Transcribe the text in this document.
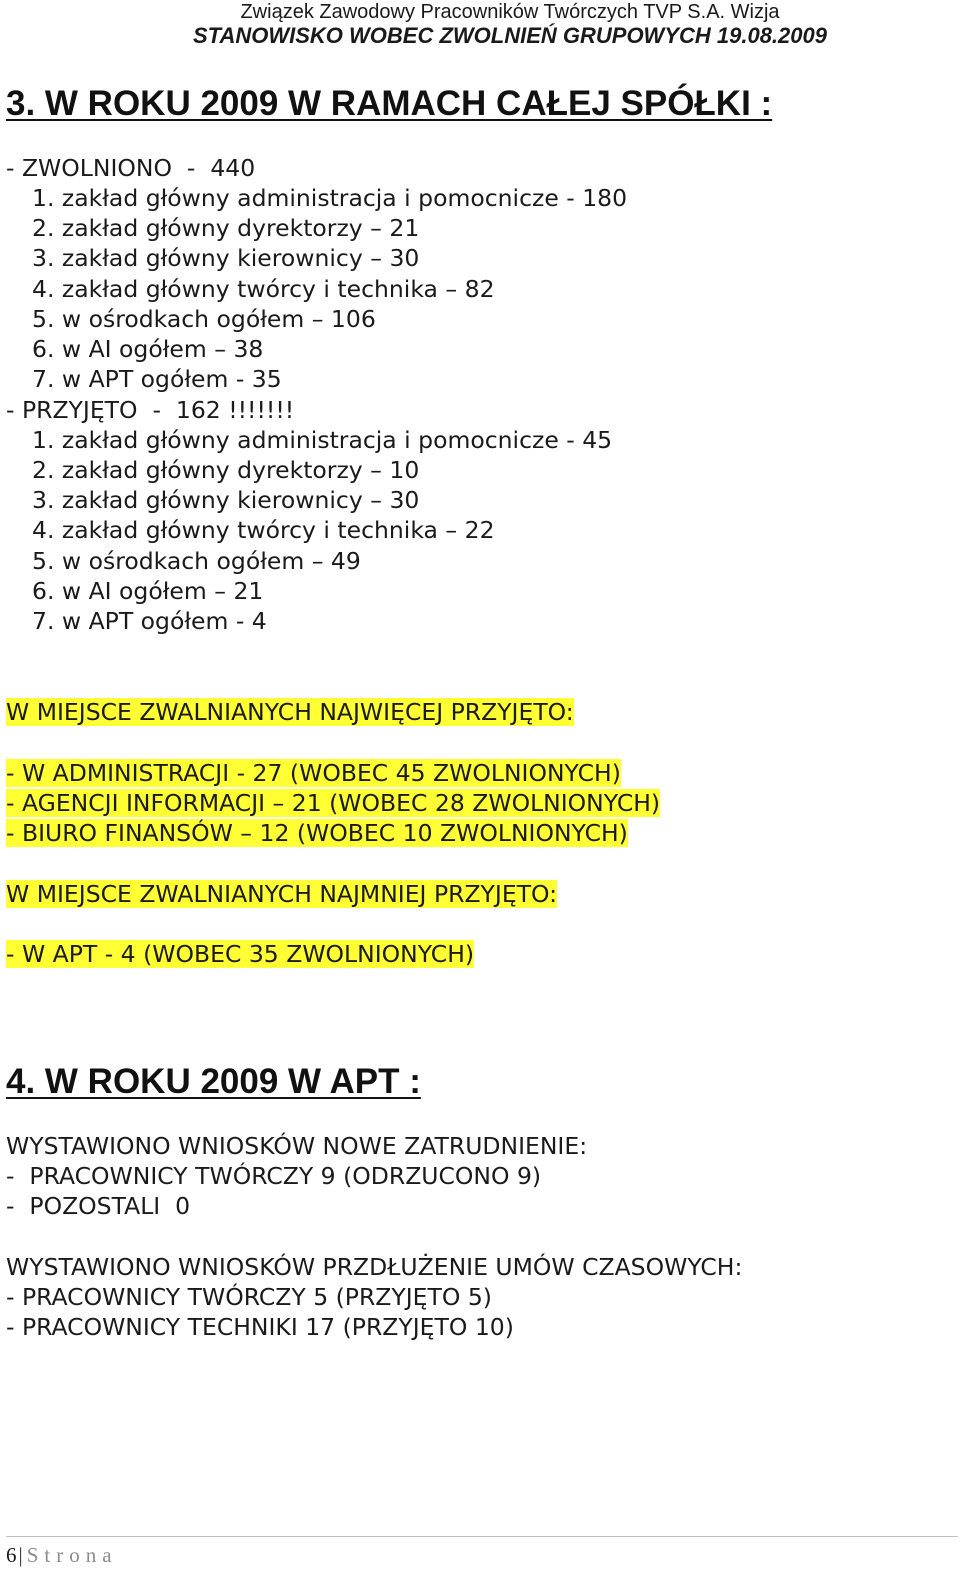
Związek Zawodowy Pracowników Twórczych TVP S.A. Wizja
STANOWISKO WOBEC ZWOLNIEŃ GRUPOWYCH 19.08.2009
3. W ROKU 2009 W RAMACH CAŁEJ SPÓŁKI :
- ZWOLNIONO  -  440
1. zakład główny administracja i pomocnicze - 180
2. zakład główny dyrektorzy – 21
3. zakład główny kierownicy – 30
4. zakład główny twórcy i technika – 82
5. w ośrodkach ogółem – 106
6. w AI ogółem – 38
7. w APT ogółem - 35
- PRZYJĘTO  -  162 !!!!!!!
1. zakład główny administracja i pomocnicze - 45
2. zakład główny dyrektorzy – 10
3. zakład główny kierownicy – 30
4. zakład główny twórcy i technika – 22
5. w ośrodkach ogółem – 49
6. w AI ogółem – 21
7. w APT ogółem - 4
W MIEJSCE ZWALNIANYCH NAJWIĘCEJ PRZYJĘTO:
- W ADMINISTRACJI - 27 (WOBEC 45 ZWOLNIONYCH)
- AGENCJI INFORMACJI – 21 (WOBEC 28 ZWOLNIONYCH)
- BIURO FINANSÓW – 12 (WOBEC 10 ZWOLNIONYCH)
W MIEJSCE ZWALNIANYCH NAJMNIEJ PRZYJĘTO:
- W APT - 4 (WOBEC 35 ZWOLNIONYCH)
4. W ROKU 2009 W APT :
WYSTAWIONO WNIOSKÓW NOWE ZATRUDNIENIE:
-  PRACOWNICY TWÓRCZY 9 (ODRZUCONO 9)
-  POZOSTALI  0
WYSTAWIONO WNIOSKÓW PRZDŁUŻENIE UMÓW CZASOWYCH:
- PRACOWNICY TWÓRCZY 5 (PRZYJĘTO 5)
- PRACOWNICY TECHNIKI 17 (PRZYJĘTO 10)
6| Strona
